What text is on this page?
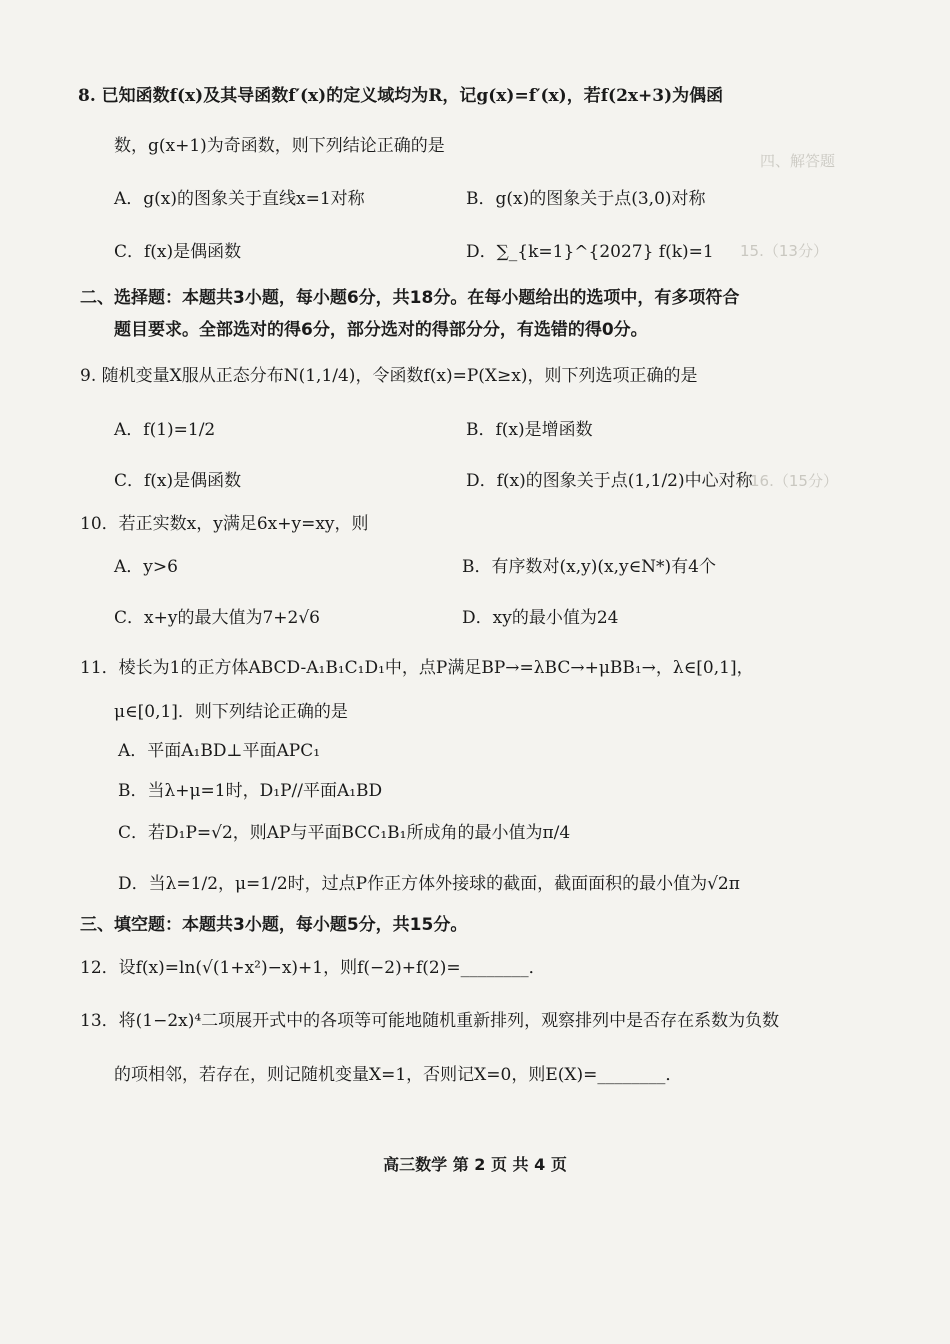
四、解答题
15.（13分）
16.（15分）
8. 已知函数f(x)及其导函数f′(x)的定义域均为R，记g(x)=f′(x)，若f(2x+3)为偶函
数，g(x+1)为奇函数，则下列结论正确的是
A．g(x)的图象关于直线x=1对称	B．g(x)的图象关于点(3,0)对称
C．f(x)是偶函数	D．∑_{k=1}^{2027} f(k)=1
二、选择题：本题共3小题，每小题6分，共18分。在每小题给出的选项中，有多项符合
题目要求。全部选对的得6分，部分选对的得部分分，有选错的得0分。
9. 随机变量X服从正态分布N(1,1/4)，令函数f(x)=P(X≥x)，则下列选项正确的是
A．f(1)=1/2	B．f(x)是增函数
C．f(x)是偶函数	D．f(x)的图象关于点(1,1/2)中心对称
10．若正实数x，y满足6x+y=xy，则
A．y>6	B．有序数对(x,y)(x,y∈N*)有4个
C．x+y的最大值为7+2√6	D．xy的最小值为24
11．棱长为1的正方体ABCD-A₁B₁C₁D₁中，点P满足BP→=λBC→+μBB₁→，λ∈[0,1]，
μ∈[0,1]．则下列结论正确的是
A．平面A₁BD⊥平面APC₁
B．当λ+μ=1时，D₁P//平面A₁BD
C．若D₁P=√2，则AP与平面BCC₁B₁所成角的最小值为π/4
D．当λ=1/2，μ=1/2时，过点P作正方体外接球的截面，截面面积的最小值为√2π
三、填空题：本题共3小题，每小题5分，共15分。
12．设f(x)=ln(√(1+x²)−x)+1，则f(−2)+f(2)=________．
13．将(1−2x)⁴二项展开式中的各项等可能地随机重新排列，观察排列中是否存在系数为负数
的项相邻，若存在，则记随机变量X=1，否则记X=0，则E(X)=________．
高三数学 第 2 页 共 4 页
